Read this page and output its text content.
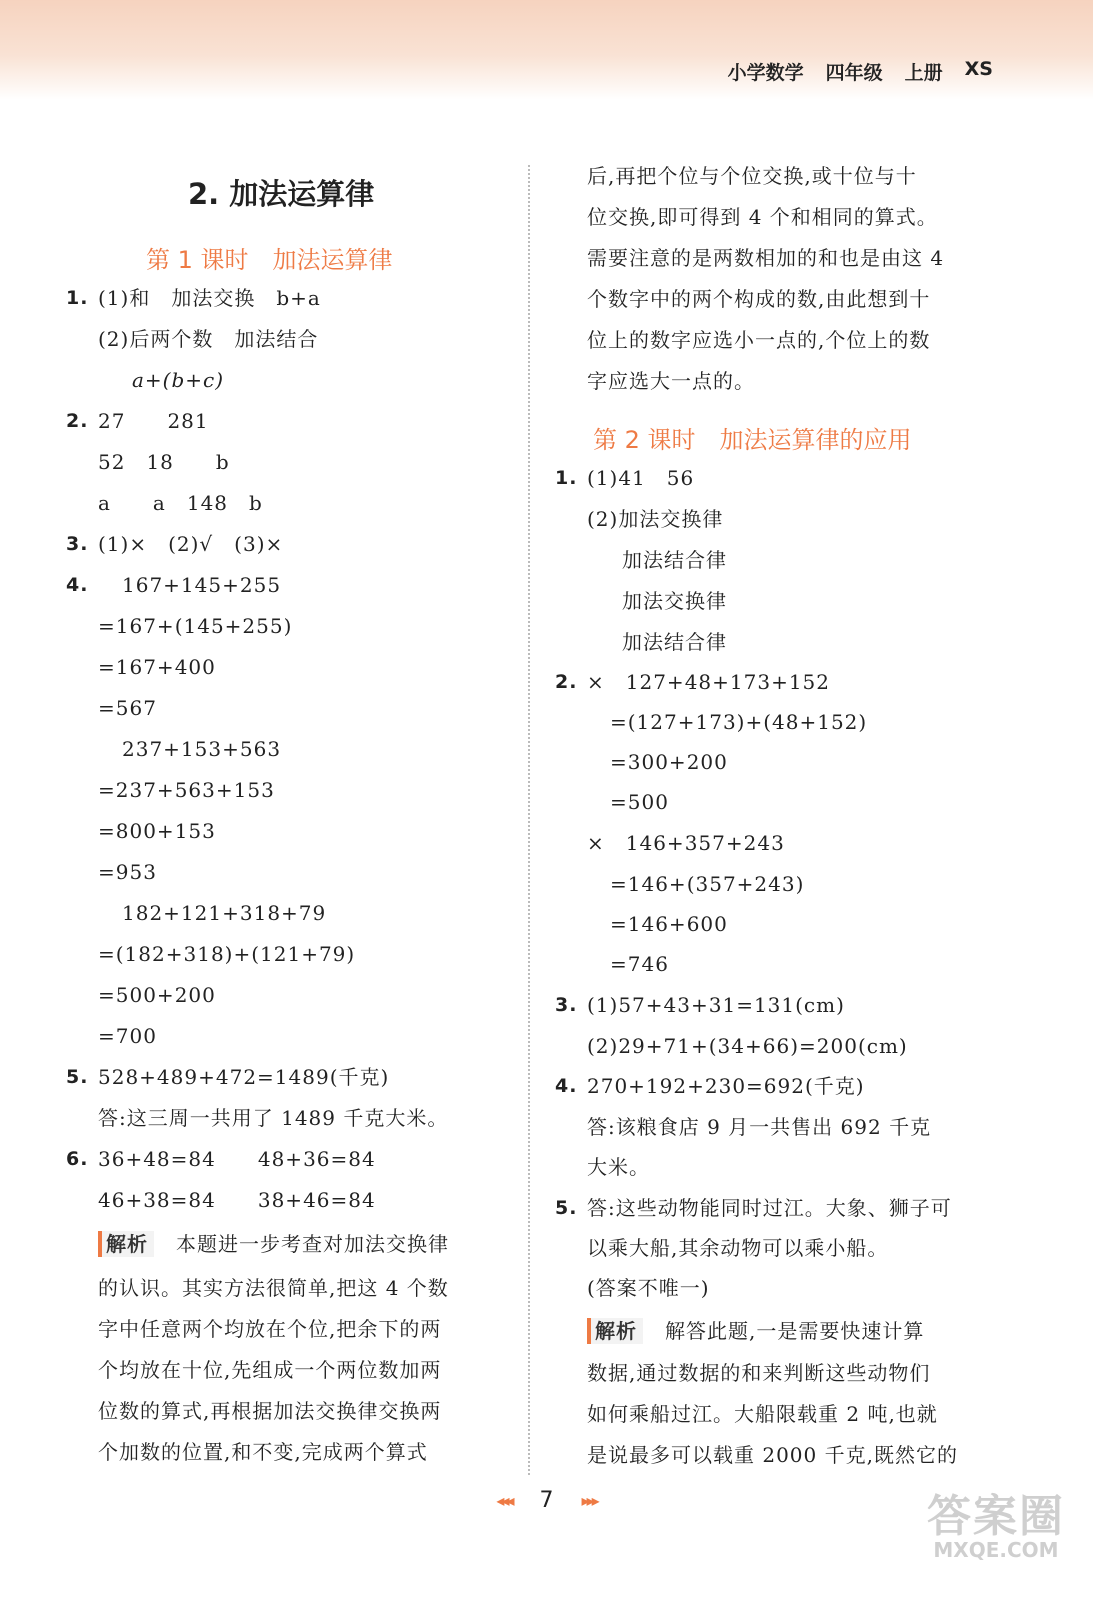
小学数学 四年级 上册 XS
2. 加法运算律
第 1 课时　加法运算律
1. (1)和　加法交换　b+a
(2)后两个数　加法结合
a+(b+c)
2. 27　　281
52　18　　b
a　　a　148　b
3. (1)×　(2)√　(3)×
4. 167+145+255
=167+(145+255)
=167+400
=567
237+153+563
=237+563+153
=800+153
=953
182+121+318+79
=(182+318)+(121+79)
=500+200
=700
5. 528+489+472=1489(千克)
答:这三周一共用了 1489 千克大米。
6. 36+48=84　　48+36=84
46+38=84　　38+46=84
解析 本题进一步考查对加法交换律
的认识。其实方法很简单,把这 4 个数
字中任意两个均放在个位,把余下的两
个均放在十位,先组成一个两位数加两
位数的算式,再根据加法交换律交换两
个加数的位置,和不变,完成两个算式
后,再把个位与个位交换,或十位与十
位交换,即可得到 4 个和相同的算式。
需要注意的是两数相加的和也是由这 4
个数字中的两个构成的数,由此想到十
位上的数字应选小一点的,个位上的数
字应选大一点的。
第 2 课时　加法运算律的应用
1. (1)41　56
(2)加法交换律
加法结合律
加法交换律
加法结合律
2. ×　127+48+173+152
=(127+173)+(48+152)
=300+200
=500
×　146+357+243
=146+(357+243)
=146+600
=746
3. (1)57+43+31=131(cm)
(2)29+71+(34+66)=200(cm)
4. 270+192+230=692(千克)
答:该粮食店 9 月一共售出 692 千克
大米。
5. 答:这些动物能同时过江。大象、狮子可
以乘大船,其余动物可以乘小船。
(答案不唯一)
解析 解答此题,一是需要快速计算
数据,通过数据的和来判断这些动物们
如何乘船过江。大船限载重 2 吨,也就
是说最多可以载重 2000 千克,既然它的
◂◂◂ 7 ▸▸▸	答案圈
MXQE.COM
